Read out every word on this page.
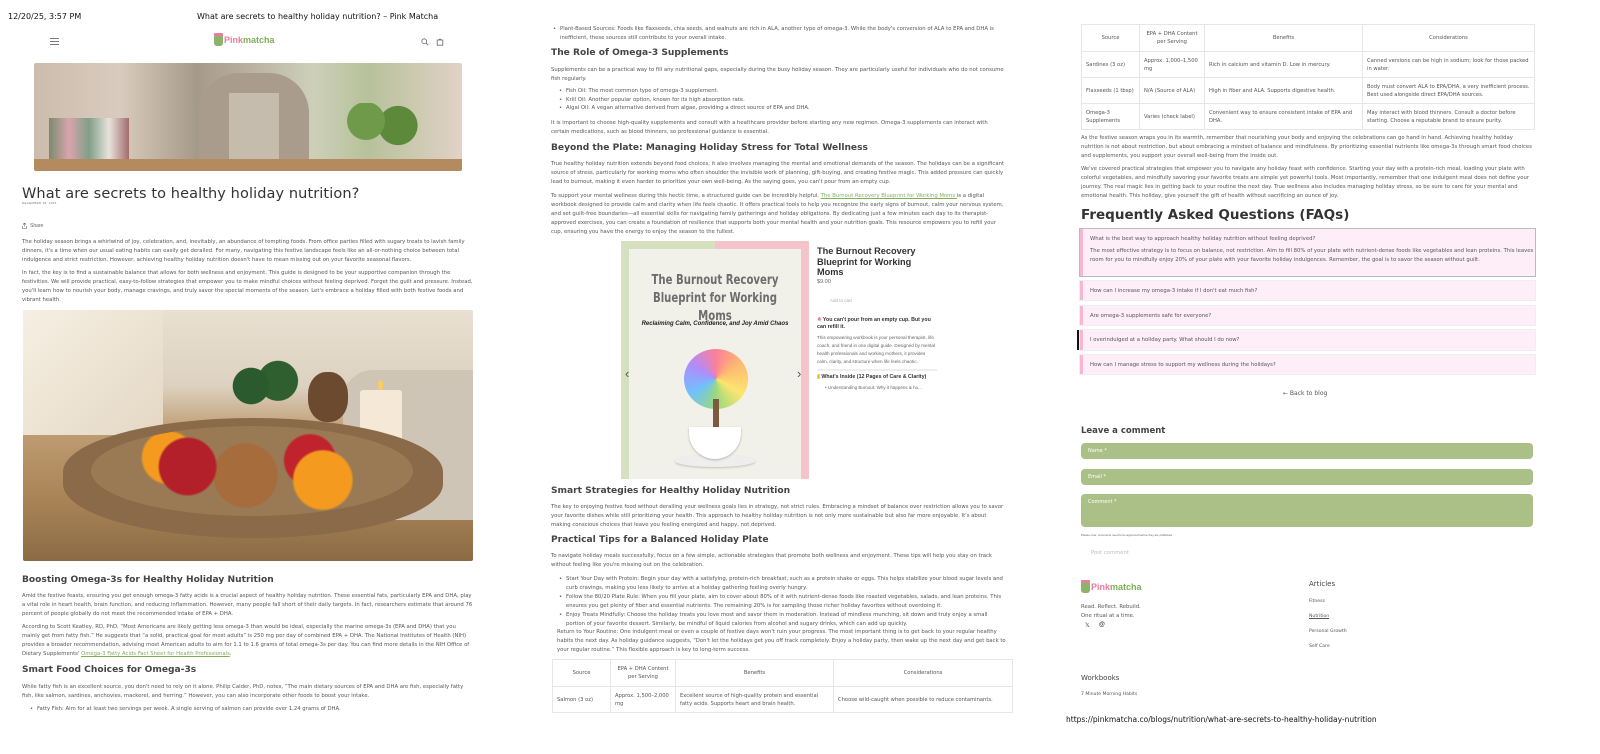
12/20/25, 3:57 PM	What are secrets to healthy holiday nutrition? – Pink Matcha
Pinkmatcha
What are secrets to healthy holiday nutrition?
DECEMBER 18, 2025
Share

The holiday season brings a whirlwind of joy, celebration, and, inevitably, an abundance of tempting foods. From office parties filled with sugary treats to lavish family dinners, it's a time when our usual eating habits can easily get derailed. For many, navigating this festive landscape feels like an all-or-nothing choice between total indulgence and strict restriction. However, achieving healthy holiday nutrition doesn't have to mean missing out on your favorite seasonal flavors.

In fact, the key is to find a sustainable balance that allows for both wellness and enjoyment. This guide is designed to be your supportive companion through the festivities. We will provide practical, easy-to-follow strategies that empower you to make mindful choices without feeling deprived. Forget the guilt and pressure. Instead, you'll learn how to nourish your body, manage cravings, and truly savor the special moments of the season. Let's embrace a holiday filled with both festive foods and vibrant health.

Boosting Omega-3s for Healthy Holiday Nutrition

Amid the festive feasts, ensuring you get enough omega-3 fatty acids is a crucial aspect of healthy holiday nutrition. These essential fats, particularly EPA and DHA, play a vital role in heart health, brain function, and reducing inflammation. However, many people fall short of their daily targets. In fact, researchers estimate that around 76 percent of people globally do not meet the recommended intake of EPA + DHA.

According to Scott Keatley, RD, PhD, “Most Americans are likely getting less omega-3 than would be ideal, especially the marine omega-3s (EPA and DHA) that you mainly get from fatty fish.” He suggests that “a solid, practical goal for most adults” is 250 mg per day of combined EPA + DHA. The National Institutes of Health (NIH) provides a broader recommendation, advising most American adults to aim for 1.1 to 1.6 grams of total omega-3s per day. You can find more details in the NIH Office of Dietary Supplements' Omega-3 Fatty Acids Fact Sheet for Health Professionals.

Smart Food Choices for Omega-3s

While fatty fish is an excellent source, you don't need to rely on it alone. Philip Calder, PhD, notes, “The main dietary sources of EPA and DHA are fish, especially fatty fish, like salmon, sardines, anchovies, mackerel, and herring.” However, you can also incorporate other foods to boost your intake.

• Fatty Fish: Aim for at least two servings per week. A single serving of salmon can provide over 1.24 grams of DHA.
• Plant-Based Sources: Foods like flaxseeds, chia seeds, and walnuts are rich in ALA, another type of omega-3. While the body's conversion of ALA to EPA and DHA is inefficient, these sources still contribute to your overall intake.
The Role of Omega-3 Supplements

Supplements can be a practical way to fill any nutritional gaps, especially during the busy holiday season. They are particularly useful for individuals who do not consume fish regularly.

• Fish Oil: The most common type of omega-3 supplement.
• Krill Oil: Another popular option, known for its high absorption rate.
• Algal Oil: A vegan alternative derived from algae, providing a direct source of EPA and DHA.

It is important to choose high-quality supplements and consult with a healthcare provider before starting any new regimen. Omega-3 supplements can interact with certain medications, such as blood thinners, so professional guidance is essential.

Beyond the Plate: Managing Holiday Stress for Total Wellness

True healthy holiday nutrition extends beyond food choices; it also involves managing the mental and emotional demands of the season. The holidays can be a significant source of stress, particularly for working moms who often shoulder the invisible work of planning, gift-buying, and creating festive magic. This added pressure can quickly lead to burnout, making it even harder to prioritize your own well-being. As the saying goes, you can't pour from an empty cup.

To support your mental wellness during this hectic time, a structured guide can be incredibly helpful. The Burnout Recovery Blueprint for Working Moms is a digital workbook designed to provide calm and clarity when life feels chaotic. It offers practical tools to help you recognize the early signs of burnout, calm your nervous system, and set guilt-free boundaries—all essential skills for navigating family gatherings and holiday obligations. By dedicating just a few minutes each day to its therapist-approved exercises, you can create a foundation of resilience that supports both your mental health and your nutrition goals. This resource empowers you to refill your cup, ensuring you have the energy to enjoy the season to the fullest.

The Burnout Recovery Blueprint for Working Moms
Reclaiming Calm, Confidence, and Joy Amid Chaos
‹	›
The Burnout Recovery Blueprint for Working Moms
$9.00
Add to cart
✵ You can't pour from an empty cup. But you can refill it.
This empowering workbook is your personal therapist, life coach, and friend in one digital guide. Designed by mental health professionals and working mothers, it provides calm, clarity, and structure when life feels chaotic.
▮ What's Inside (12 Pages of Care & Clarity)
• Understanding Burnout: Why it happens & ho...
Smart Strategies for Healthy Holiday Nutrition

The key to enjoying festive food without derailing your wellness goals lies in strategy, not strict rules. Embracing a mindset of balance over restriction allows you to savor your favorite dishes while still prioritizing your health. This approach to healthy holiday nutrition is not only more sustainable but also far more enjoyable. It's about making conscious choices that leave you feeling energized and happy, not deprived.

Practical Tips for a Balanced Holiday Plate

To navigate holiday meals successfully, focus on a few simple, actionable strategies that promote both wellness and enjoyment. These tips will help you stay on track without feeling like you're missing out on the celebration.

• Start Your Day with Protein: Begin your day with a satisfying, protein-rich breakfast, such as a protein shake or eggs. This helps stabilize your blood sugar levels and curb cravings, making you less likely to arrive at a holiday gathering feeling overly hungry.
• Follow the 80/20 Plate Rule: When you fill your plate, aim to cover about 80% of it with nutrient-dense foods like roasted vegetables, salads, and lean proteins. This ensures you get plenty of fiber and essential nutrients. The remaining 20% is for sampling those richer holiday favorites without overdoing it.
• Enjoy Treats Mindfully: Choose the holiday treats you love most and savor them in moderation. Instead of mindless munching, sit down and truly enjoy a small portion of your favorite dessert. Similarly, be mindful of liquid calories from alcohol and sugary drinks, which can add up quickly.

Return to Your Routine: One indulgent meal or even a couple of festive days won't ruin your progress. The most important thing is to get back to your regular healthy habits the next day. As holiday guidance suggests, “Don't let the holidays get you off track completely. Enjoy a holiday party, then wake up the next day and get back to your regular routine.” This flexible approach is key to long-term success.

Source	EPA + DHA Content per Serving	Benefits	Considerations
Salmon (3 oz)	Approx. 1,500–2,000 mg	Excellent source of high-quality protein and essential fatty acids. Supports heart and brain health.	Choose wild-caught when possible to reduce contaminants.
Source	EPA + DHA Content per Serving	Benefits	Considerations
Sardines (3 oz)	Approx. 1,000–1,500 mg	Rich in calcium and vitamin D. Low in mercury.	Canned versions can be high in sodium; look for those packed in water.
Flaxseeds (1 tbsp)	N/A (Source of ALA)	High in fiber and ALA. Supports digestive health.	Body must convert ALA to EPA/DHA, a very inefficient process. Best used alongside direct EPA/DHA sources.
Omega-3 Supplements	Varies (check label)	Convenient way to ensure consistent intake of EPA and DHA.	May interact with blood thinners. Consult a doctor before starting. Choose a reputable brand to ensure purity.

As the festive season wraps you in its warmth, remember that nourishing your body and enjoying the celebrations can go hand in hand. Achieving healthy holiday nutrition is not about restriction, but about embracing a mindset of balance and mindfulness. By prioritizing essential nutrients like omega-3s through smart food choices and supplements, you support your overall well-being from the inside out.

We've covered practical strategies that empower you to navigate any holiday feast with confidence. Starting your day with a protein-rich meal, loading your plate with colorful vegetables, and mindfully savoring your favorite treats are simple yet powerful tools. Most importantly, remember that one indulgent meal does not define your journey. The real magic lies in getting back to your routine the next day. True wellness also includes managing holiday stress, so be sure to care for your mental and emotional health. This holiday, give yourself the gift of health without sacrificing an ounce of joy.

Frequently Asked Questions (FAQs)
What is the best way to approach healthy holiday nutrition without feeling deprived?
The most effective strategy is to focus on balance, not restriction. Aim to fill 80% of your plate with nutrient-dense foods like vegetables and lean proteins. This leaves room for you to mindfully enjoy 20% of your plate with your favorite holiday indulgences. Remember, the goal is to savor the season without guilt.
How can I increase my omega-3 intake if I don't eat much fish?
Are omega-3 supplements safe for everyone?
I overindulged at a holiday party. What should I do now?
How can I manage stress to support my wellness during the holidays?
← Back to blog
Leave a comment
Name *
Email *
Comment *
Please note, comments need to be approved before they are published.
Post comment
Pinkmatcha
Read. Reflect. Rebuild.
One ritual at a time.
𝕏 @
Articles
Fitness
Nutrition
Personal Growth
Self Care
Workbooks
7 Minute Morning Habits
https://pinkmatcha.co/blogs/nutrition/what-are-secrets-to-healthy-holiday-nutrition
